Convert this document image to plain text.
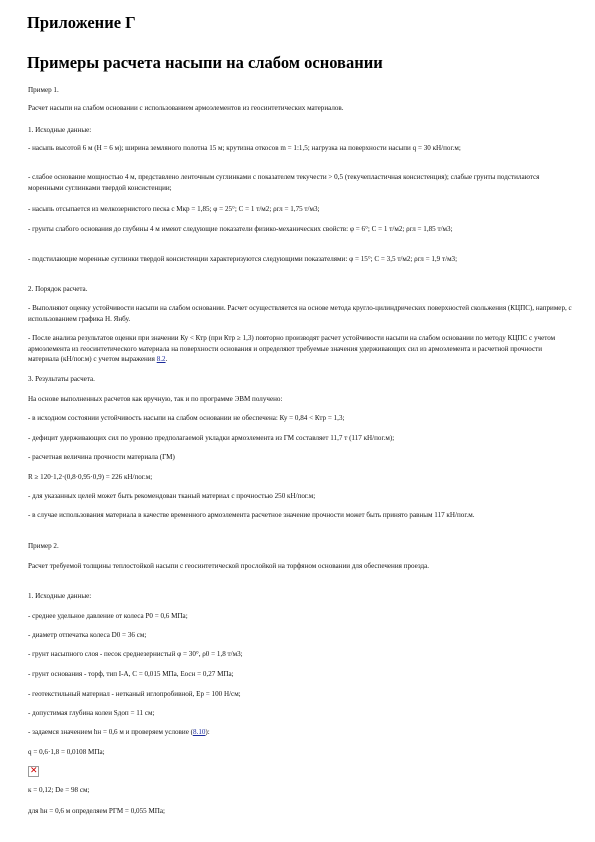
Приложение Г
Примеры расчета насыпи на слабом основании
Пример 1.
Расчет насыпи на слабом основании с использованием армоэлементов из геосинтетических материалов.
1. Исходные данные:
- насыпь высотой 6 м (H = 6 м); ширина земляного полотна 15 м; крутизна откосов m = 1:1,5; нагрузка на поверхности насыпи q = 30 кН/пог.м;
- слабое основание мощностью 4 м, представлено ленточным суглинками с показателем текучести > 0,5 (текучепластичная консистенция); слабые грунты подстилаются моренными суглинками твердой консистенции;
- насыпь отсыпается из мелкозернистого песка с Мкр = 1,85; φ = 25°; C = 1 т/м2; ρгл = 1,75 т/м3;
- грунты слабого основания до глубины 4 м имеют следующие показатели физико-механических свойств: φ = 6°; C = 1 т/м2; ρгл = 1,85 т/м3;
- подстилающие моренные суглинки твердой консистенции характеризуются следующими показателями: φ = 15°; C = 3,5 т/м2; ρгл = 1,9 т/м3;
2. Порядок расчета.
- Выполняют оценку устойчивости насыпи на слабом основании. Расчет осуществляется на основе метода кругло-цилиндрических поверхностей скольжения (КЦПС), например, с использованием графика Н. Янбу.
- После анализа результатов оценки при значении Ку < Ктр (при Ктр ≥ 1,3) повторно производят расчет устойчивости насыпи на слабом основании по методу КЦПС с учетом армоэлемента из геосинтетического материала на поверхности основания и определяют требуемые значения удерживающих сил из армоэлемента и расчетной прочности материала (кН/пог.м) с учетом выражения 8.2.
3. Результаты расчета.
На основе выполненных расчетов как вручную, так и по программе ЭВМ получено:
- в исходном состоянии устойчивость насыпи на слабом основании не обеспечена: Ку = 0,84 < Ктр = 1,3;
- дефицит удерживающих сил по уровню предполагаемой укладки армоэлемента из ГМ составляет 11,7 т (117 кН/пог.м);
- расчетная величина прочности материала (ГМ)
R ≥ 120·1,2·(0,8·0,95·0,9) = 226 кН/пог.м;
- для указанных целей может быть рекомендован тканый материал с прочностью 250 кН/пог.м;
- в случае использования материала в качестве временного армоэлемента расчетное значение прочности может быть принято равным 117 кН/пог.м.
Пример 2.
Расчет требуемой толщины теплостойкой насыпи с геосинтетической прослойкой на торфяном основании для обеспечения проезда.
1. Исходные данные:
- среднее удельное давление от колеса P0 = 0,6 МПа;
- диаметр отпечатка колеса D0 = 36 см;
- грунт насыпного слоя - песок среднезернистый φ = 30°, ρ0 = 1,8 т/м3;
- грунт основания - торф, тип I-А, С = 0,015 МПа, Еосн = 0,27 МПа;
- геотекстильный материал - нетканый иглопробивной, Ер = 100 Н/см;
- допустимая глубина колеи Sдоп = 11 см;
- задаемся значением hн = 0,6 м и проверяем условие (8.10):
q = 0,6·1,8 = 0,0108 МПа;
✕
к = 0,12; Dе = 98 см;
для hн = 0,6 м определяем РГМ = 0,055 МПа;
